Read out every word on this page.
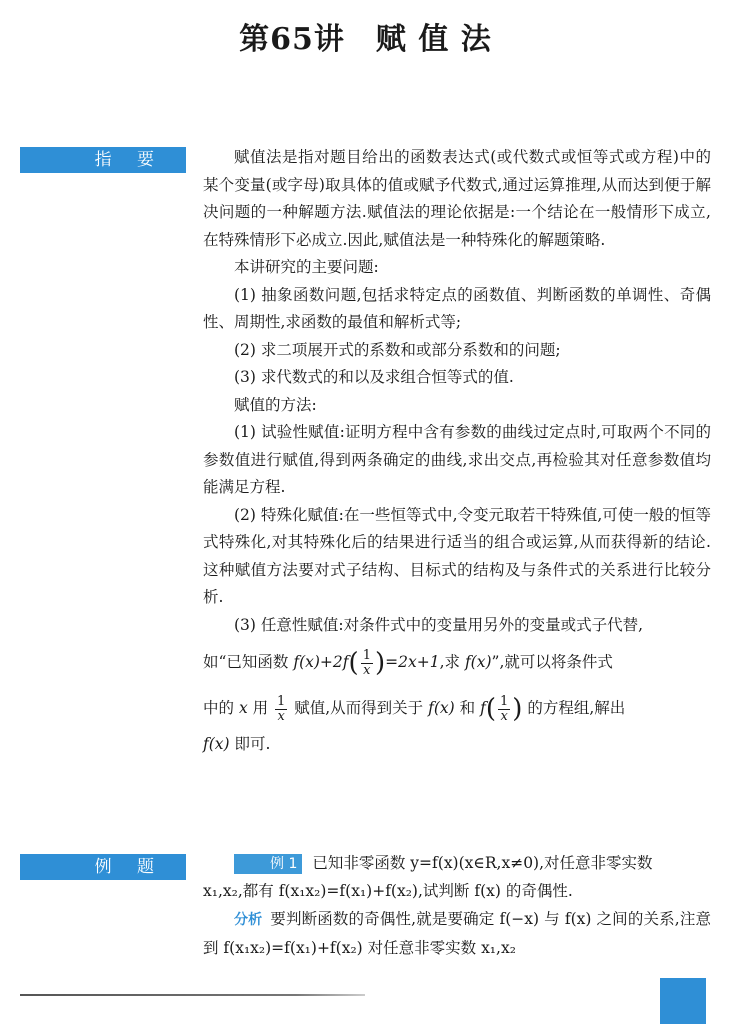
第65讲　赋 值 法
指 要	赋值法是指对题目给出的函数表达式(或代数式或恒等式或方程)中的某个变量(或字母)取具体的值或赋予代数式,通过运算推理,从而达到便于解决问题的一种解题方法.赋值法的理论依据是:一个结论在一般情形下成立,在特殊情形下必成立.因此,赋值法是一种特殊化的解题策略.

本讲研究的主要问题:

(1) 抽象函数问题,包括求特定点的函数值、判断函数的单调性、奇偶性、周期性,求函数的最值和解析式等;

(2) 求二项展开式的系数和或部分系数和的问题;

(3) 求代数式的和以及求组合恒等式的值.

赋值的方法:

(1) 试验性赋值:证明方程中含有参数的曲线过定点时,可取两个不同的参数值进行赋值,得到两条确定的曲线,求出交点,再检验其对任意参数值均能满足方程.

(2) 特殊化赋值:在一些恒等式中,令变元取若干特殊值,可使一般的恒等式特殊化,对其特殊化后的结果进行适当的组合或运算,从而获得新的结论.这种赋值方法要对式子结构、目标式的结构及与条件式的关系进行比较分析.

(3) 任意性赋值:对条件式中的变量用另外的变量或式子代替,

如“已知函数 $f(x)+2f( \frac{1}{x} )=2x+1$,求 f(x)”,就可以将条件式

中的 x 用 $\frac{1}{x}$ 赋值,从而得到关于 f(x) 和 $f( \frac{1}{x}$ ) 的方程组,解出

f(x) 即可.

例 题	例 1 已知非零函数 y=f(x)(x∈R,x≠0),对任意非零实数

x₁,x₂,都有 f(x₁x₂)=f(x₁)+f(x₂),试判断 f(x) 的奇偶性.

分析 要判断函数的奇偶性,就是要确定 f(−x) 与 f(x) 之间的关系,注意到 f(x₁x₂)=f(x₁)+f(x₂) 对任意非零实数 x₁,x₂
